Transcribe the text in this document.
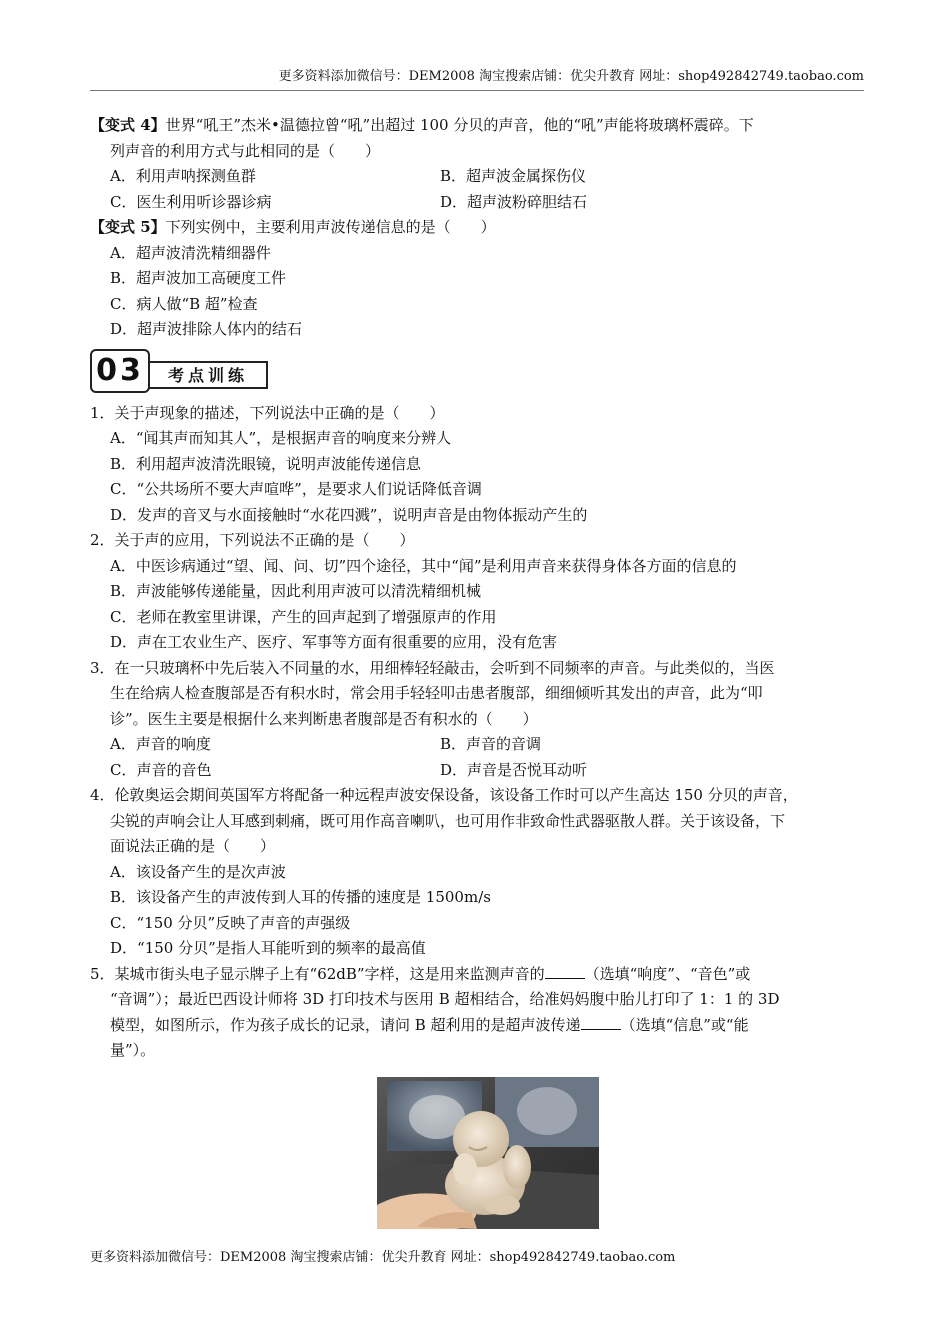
更多资料添加微信号：DEM2008 淘宝搜索店铺：优尖升教育 网址：shop492842749.taobao.com
【变式 4】世界“吼王”杰米•温德拉曾“吼”出超过 100 分贝的声音，他的“吼”声能将玻璃杯震碎。下
列声音的利用方式与此相同的是（　　）
A．利用声呐探测鱼群	B．超声波金属探伤仪
C．医生利用听诊器诊病	D．超声波粉碎胆结石
【变式 5】下列实例中，主要利用声波传递信息的是（　　）
A．超声波清洗精细器件
B．超声波加工高硬度工件
C．病人做“B 超”检查
D．超声波排除人体内的结石
03	考点训练
1．关于声现象的描述，下列说法中正确的是（　　）
A．“闻其声而知其人”，是根据声音的响度来分辨人
B．利用超声波清洗眼镜，说明声波能传递信息
C．“公共场所不要大声喧哗”，是要求人们说话降低音调
D．发声的音叉与水面接触时“水花四溅”，说明声音是由物体振动产生的
2．关于声的应用，下列说法不正确的是（　　）
A．中医诊病通过“望、闻、问、切”四个途径，其中“闻”是利用声音来获得身体各方面的信息的
B．声波能够传递能量，因此利用声波可以清洗精细机械
C．老师在教室里讲课，产生的回声起到了增强原声的作用
D．声在工农业生产、医疗、军事等方面有很重要的应用，没有危害
3．在一只玻璃杯中先后装入不同量的水，用细棒轻轻敲击，会听到不同频率的声音。与此类似的，当医
生在给病人检查腹部是否有积水时，常会用手轻轻叩击患者腹部，细细倾听其发出的声音，此为“叩
诊”。医生主要是根据什么来判断患者腹部是否有积水的（　　）
A．声音的响度	B．声音的音调
C．声音的音色	D．声音是否悦耳动听
4．伦敦奥运会期间英国军方将配备一种远程声波安保设备，该设备工作时可以产生高达 150 分贝的声音，
尖锐的声响会让人耳感到刺痛，既可用作高音喇叭，也可用作非致命性武器驱散人群。关于该设备，下
面说法正确的是（　　）
A．该设备产生的是次声波
B．该设备产生的声波传到人耳的传播的速度是 1500m/s
C．“150 分贝”反映了声音的声强级
D．“150 分贝”是指人耳能听到的频率的最高值
5．某城市街头电子显示牌子上有“62dB”字样，这是用来监测声音的	（选填“响度”、“音色”或
“音调”）；最近巴西设计师将 3D 打印技术与医用 B 超相结合，给准妈妈腹中胎儿打印了 1：1 的 3D
模型，如图所示，作为孩子成长的记录，请问 B 超利用的是超声波传递	（选填“信息”或“能
量”）。
更多资料添加微信号：DEM2008 淘宝搜索店铺：优尖升教育 网址：shop492842749.taobao.com
